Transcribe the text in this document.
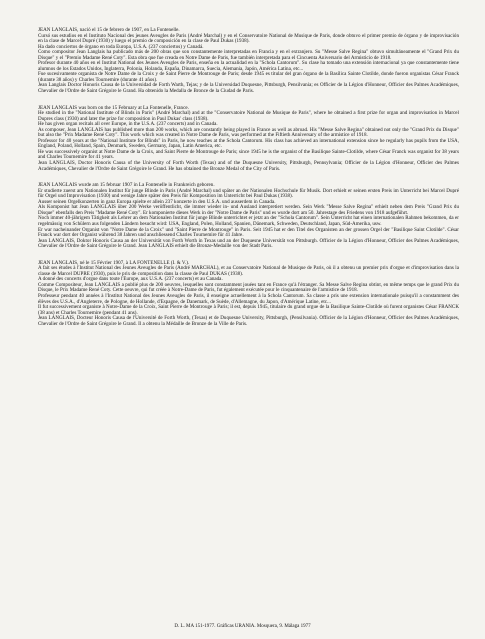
JEAN LANGLAIS, nació el 15 de febrero de 1907, en La Fontenelle.

Cursó sus estudios en el Instituto Nacional des jeunes Aveugles de Paris (André Marchal) y en el Conservatoire National de Musique de Paris, donde obtuvo el primer premio de órgano y de improvisación en la clase de Marcel Dupré (1930) y luego el premio de composición en la clase de Paul Dukas (1938).

Ha dado conciertos de órgano en toda Europa, U.S.A. (237 conciertos) y Canadá.

Como compositor Jean Langlais ha publicado más de 200 obras que son constantemente interpretadas en Francia y en el extranjero. Su "Messe Salve Regina" obtuvo simultáneamente el "Grand Prix du Disque" y el "Premio Madame René Coty". Esta obra que fue creada en Notre Dame de Paris, fue también interpretada para el Cincuenta Aniversario del Armisticio de 1918.

Profesor durante 40 años en el Institut National des Jeunes Aveugles de Paris, enseña en la actualidad en la "Schola Cantorum". Su clase ha tomado una extensión internacional ya que constantemente tiene alumnos de los Estados Unidos, Inglaterra, Polonia, Holanda, España, Dinamarca, Suecia, Alemania, Japón, América Latina, etc...

Fue sucesivamente organista de Notre Dame de la Croix y de Saint Pierre de Montrouge de Paris; desde 1945 es titular del gran órgano de la Basílica Sainte Clotilde, donde fueron organistas César Franck (durante 38 años) y Charles Tournemire (durante 41 años).

Jean Langlais Doctor Honoris Causa de la Universidad de Forth Warth, Tejas; y de la Universidad Duquesne, Pittsburgh, Pensilvania; es Officier de la Légion d'Honneur, Officier des Palmes Académiques, Chevalier de l'Ordre de Saint Grégoire le Grand. Ha obtenido la Medalla de Bronce de la Ciudad de Paris.

JEAN LANGLAIS was born on the 15 February at La Fontenelle, France.

He studied in the "National Institute of Blinds in Paris" (André Marchal) and at the "Conservatoire National de Musique de Paris", where he obtained a first prize for organ and improvisation in Marcel Dupres class (1930) and later the prize for composition in Paul Dukas' class (1938).

He has given organ recitals all over Europe, in the U.S.A. (237 concerts) and in Canada.

As composer, Jean LANGLAIS has published more than 200 works, which are constantly being played in France as well as abroad. His "Messe Salve Regina" obtained not only the "Grand Prix du Disque" but also the "Prix Madame René Coty". This work which was created in Notre Dame de Paris, was performed at the Fiftieth Anniversary of the armistice of 1918.

Professor for 40 years at the "National Institute for Blinds" in Paris, he now teaches at the Schola Cantorum. His class has achieved an international extension since he regularly has pupils from the USA, England, Poland, Holland, Spain, Denmark, Sweden, Germany, Japan, Latin America, etc.

He was successively organist at Notre Dame de la Croix, and Saint Pierre de Montrouge de Paris; since 1945 he is the organist of the Basilique Sainte-Clotilde, where César Franck was organist for 38 years and Charles Tournemire for 41 years.

Jean LANGLAIS, Doctor Honoris Causa of the University of Forth Worth (Texas) and of the Duquesne University, Pittsburgh, Pennsylvania; Officier de la Légion d'Honneur, Officier des Palmes Académiques, Chevalier de l'Ordre de Saint Grégoire le Grand. He has obtained the Bronze Medal of the City of Paris.

JEAN LANGLAIS wurde am 15 februar 1907 in La Fontenelle in Frankreich geboren.

Er studierte zuerst am Nationalen Institut für junge Blinde in Paris (André Marchal) und später an der Nationalen Hochschule für Musik. Dort erhielt er seinen ersten Preis im Unterricht bei Marcel Dupré für Orgel und Improvisation (1930) und wenige Jahre später den Preis für Komposition im Unterricht bei Paul Dukas (1938).

Ausser seinen Orgelkonzerten in ganz Europa spielte er allein 237 konzerte in den U.S.A. und ausserdem in Canada.

Als Komponist hat Jean LANGLAIS über 200 Werke veröffentlicht, die immer wieder in- und Ausland interpretiert werden. Sein Werk "Messe Salve Regina" erhielt neben dem Preis "Grand Prix du Disque" ebenfalls den Preis "Madame René Coty". Er komponierte dieses Werk in der "Notre Dame de Paris" und es wurde dort am 50. Jahrestage des Friedens von 1918 aufgeführt.

Noch immer 40-jährigem Tätigkeit als Lehrer an dem Nationalen Institut für junge Blinde unterrichtet er jetzt an der "Schola Cantorum". Sein Unterricht hat einen internationalen Rahmen bekommen, da er regelmässig von Schülern aus folgenden Ländern besucht wird: USA, England, Polen, Holland, Spanien, Dänemark, Schweden, Deutschland, Japan, Süd-Amerika, usw.

Er war nacheinander Organist von "Notre Dame de la Croix" und "Saint Pierre de Montrouge" in Paris. Seit 1945 hat er den Titel des Organisten an der grossen Orgel der "Basilique Saint Clotilde". César Franck war dort der Organist während 38 Jahren und anschliessend Charles Tournemire für 41 Jahre.

Jean LANGLAIS, Doktor Honoris Causa an der Universität von Forth Worth in Texas und an der Duquesne Universität von Pittsburgh. Officier de la Légion d'Honneur, Officier des Palmes Académiques, Chevalier de l'Ordre de Saint Grégoire le Grand. Jean LANGLAIS erhielt die Bronze-Medaille von der Stadt Paris.

JEAN LANGLAIS, né le 15 Février 1907, à LA FONTENELLE (I. & V.).

A fait ses études à l'Institut National des Jeunes Aveugles de Paris (André MARCHAL), et au Conservatoire National de Musique de Paris, où il a obtenu un premier prix d'orgue et d'improvisation dans la classe de Marcel DUPRE (1930), puis le prix de composition dans la classe de Paul DUKAS (1938).

A donné des concerts d'orgue dans toute l'Europe, aux U.S.A. (237 concerts) et au Canada.

Comme Compositeur, Jean LANGLAIS a publié plus de 200 oeuvres, lesquelles sont constamment jouées tant en France qu'à l'étranger. Sa Messe Salve Regina obtint, en même temps que le grand Prix du Disque, le Prix Madame René Coty. Cette oeuvre, qui fut créée à Notre-Dame de Paris, fut également exécutée pour le cinquantenaire de l'armistice de 1918.

Professeur pendant 40 années à l'Institut National des Jeunes Aveugles de Paris, il enseigne actuellement à la Schola Cantorum. Sa classe a pris une extension internationale puisqu'il a constamment des élèves des U.S.A., d'Angleterre, de Pologne, de Hollande, d'Espagne, de Danemark, de Suède, d'Allemagne, du Japon, d'Amérique Latine, etc...

Il fut successivement organiste à Notre-Dame de la Croix, Saint Pierre de Montrouge à Paris; il est, depuis 1945, titulaire du grand orgue de la Basilique Sainte-Clotilde où furent organistes César FRANCK (38 ans) et Charles Tournemire (pendant 41 ans).

Jean LANGLAIS, Docteur Honoris Causa de l'Université de Forth Worth, (Texas) et de Duquesne University, Pittsburgh, (Pensilvania). Officier de la Légion d'Honneur, Officier des Palmes Académiques, Chevalier de l'Ordre de Saint Grégoire le Grand. Il a obtenu la Médaille de Bronze de la Ville de Paris.

D. L. MA 151-1977. Gráficas URANIA. Mosquera, 9. Málaga 1977
